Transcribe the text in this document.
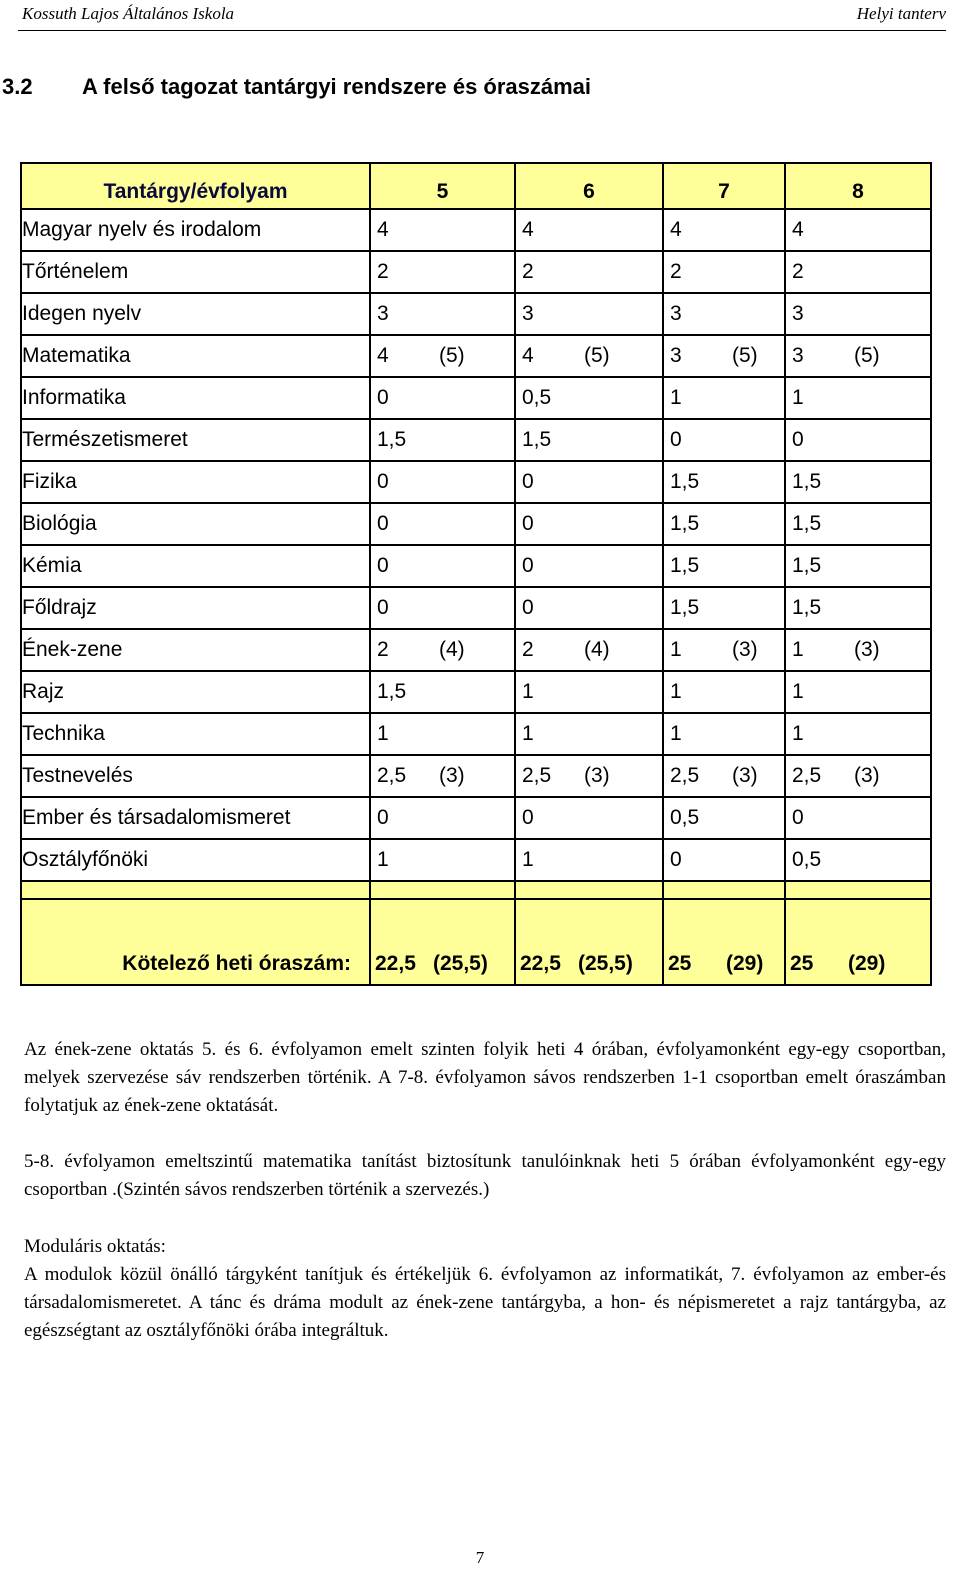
Kossuth Lajos Általános Iskola	Helyi tanterv
3.2 A felső tagozat tantárgyi rendszere és óraszámai
Tantárgy/évfolyam	5	6	7	8
Magyar nyelv és irodalom	4	4	4	4

Tőrténelem	2	2	2	2

Idegen nyelv	3	3	3	3

Matematika	4 (5)	4 (5)	3 (5)	3 (5)

Informatika	0	0,5	1	1

Természetismeret	1,5	1,5	0	0

Fizika	0	0	1,5	1,5

Biológia	0	0	1,5	1,5

Kémia	0	0	1,5	1,5

Főldrajz	0	0	1,5	1,5

Ének-zene	2 (4)	2 (4)	1 (3)	1 (3)

Rajz	1,5	1	1	1

Technika	1	1	1	1

Testnevelés	2,5 (3)	2,5 (3)	2,5 (3)	2,5 (3)

Ember és társadalomismeret	0	0	0,5	0

Osztályfőnöki	1	1	0	0,5

Kötelező heti óraszám:	22,5 (25,5)	22,5 (25,5)	25 (29)	25 (29)
Az ének-zene oktatás 5. és 6. évfolyamon emelt szinten folyik heti 4 órában, évfolyamonként egy-egy csoportban, melyek szervezése sáv rendszerben történik. A 7-8. évfolyamon sávos rendszerben 1-1 csoportban emelt óraszámban folytatjuk az ének-zene oktatását.
5-8. évfolyamon emeltszintű matematika tanítást biztosítunk tanulóinknak heti 5 órában évfolyamonként egy-egy csoportban .(Szintén sávos rendszerben történik a szervezés.)
Moduláris oktatás:
A modulok közül önálló tárgyként tanítjuk és értékeljük 6. évfolyamon az informatikát, 7. évfolyamon az ember-és társadalomismeretet. A tánc és dráma modult az ének-zene tantárgyba, a hon- és népismeretet a rajz tantárgyba, az egészségtant az osztályfőnöki órába integráltuk.
7
